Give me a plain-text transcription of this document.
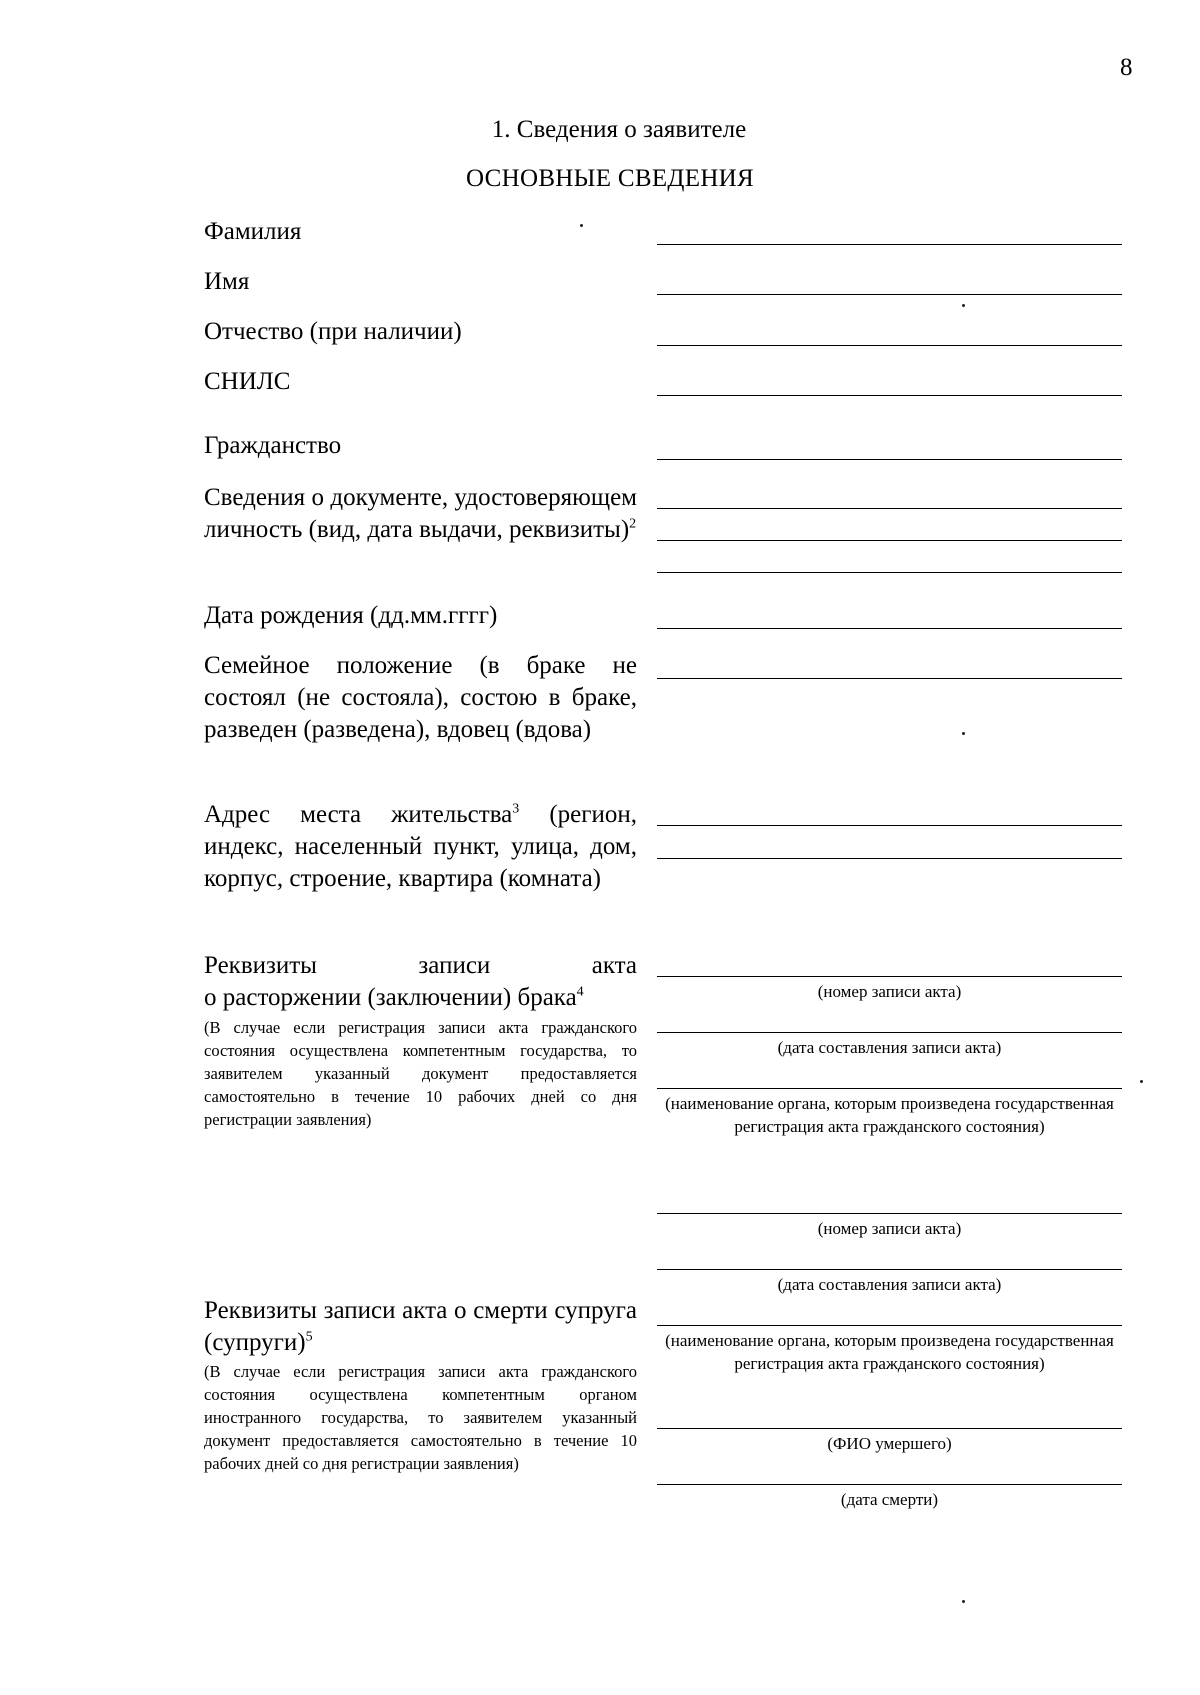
8
1. Сведения о заявителе
ОСНОВНЫЕ СВЕДЕНИЯ
Фамилия
Имя
Отчество (при наличии)
СНИЛС
Гражданство
Сведения о документе, удостоверяющем личность (вид, дата выдачи, реквизиты)$^2$
Дата рождения (дд.мм.гггг)
Семейное положение (в браке не состоял (не состояла), состою в браке, разведен (разведена), вдовец (вдова)
Адрес места жительства$^3$ (регион, индекс, населенный пункт, улица, дом, корпус, строение, квартира (комната)
Реквизиты записи акта
о расторжении (заключении) брака$^4$
(В случае если регистрация записи акта гражданского состояния осуществлена компетентным государства, то заявителем указанный документ предоставляется самостоятельно в течение 10 рабочих дней со дня регистрации заявления)
(номер записи акта)
(дата составления записи акта)
(наименование органа, которым произведена государственная регистрация акта гражданского состояния)
(номер записи акта)
(дата составления записи акта)
Реквизиты записи акта о смерти супруга (супруги)$^5$
(В случае если регистрация записи акта гражданского состояния осуществлена компетентным органом иностранного государства, то заявителем указанный документ предоставляется самостоятельно в течение 10 рабочих дней со дня регистрации заявления)
(наименование органа, которым произведена государственная регистрация акта гражданского состояния)
(ФИО умершего)
(дата смерти)
